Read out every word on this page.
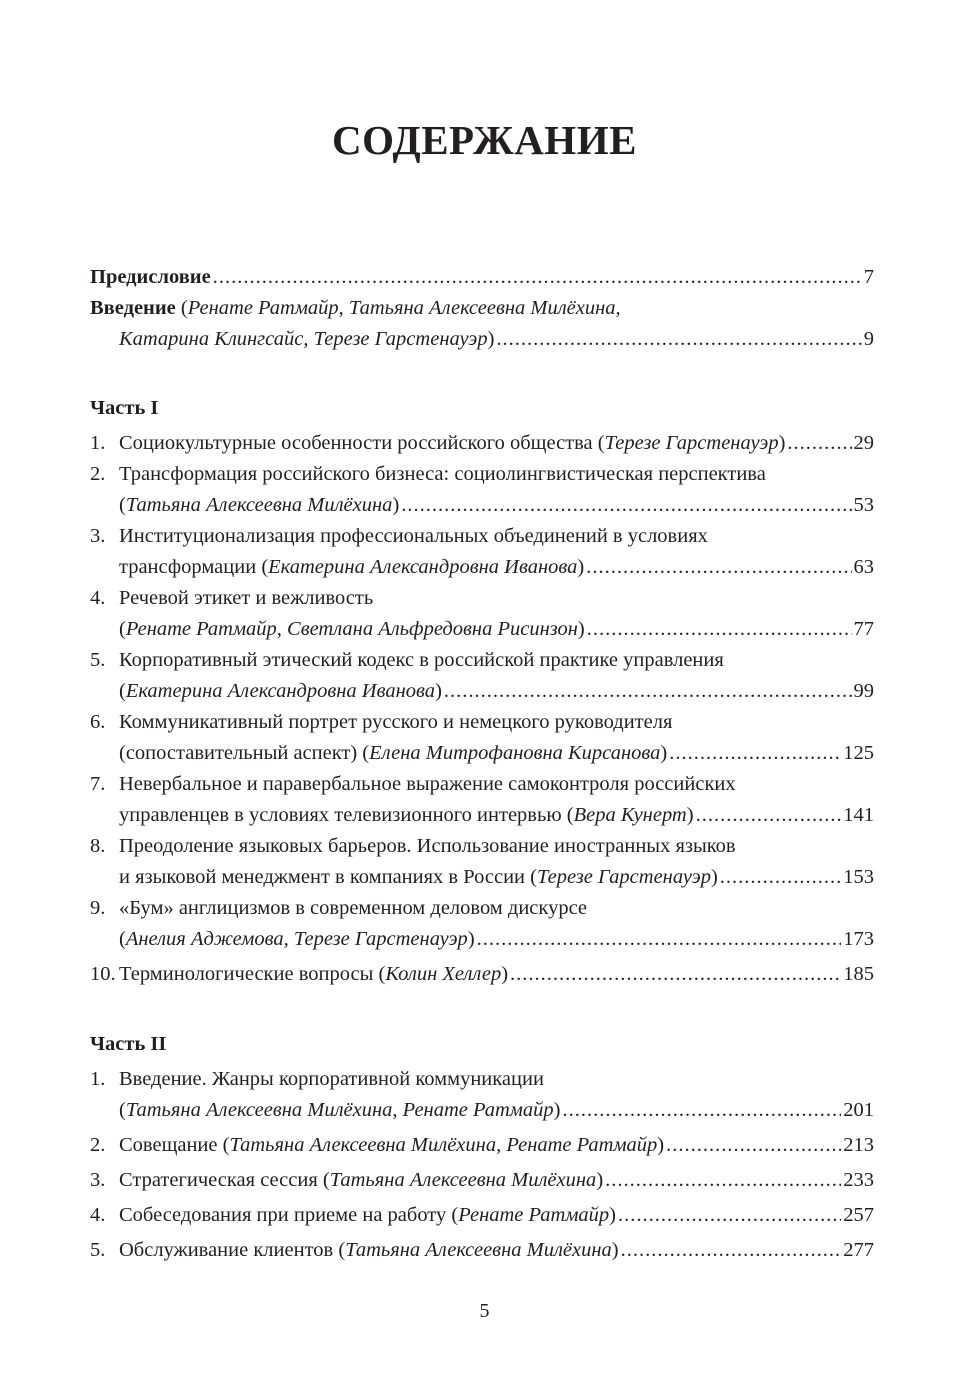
СОДЕРЖАНИЕ
Предисловие .....	7
Введение ( Ренате Ратмайр, Татьяна Алексеевна Милёхина,
Катарина Клингсайс, Терезе Гарстенауэр ) .....	9
Часть I
1. Социокультурные особенности российского общества ( Терезе Гарстенауэр ) .....	29
2. Трансформация российского бизнеса: социолингвистическая перспектива
( Татьяна Алексеевна Милёхина ) .....	53
3. Институционализация профессиональных объединений в условиях
трансформации ( Екатерина Александровна Иванова ) .....	63
4. Речевой этикет и вежливость
( Ренате Ратмайр, Светлана Альфредовна Рисинзон ) .....	77
5. Корпоративный этический кодекс в российской практике управления
( Екатерина Александровна Иванова ) .....	99
6. Коммуникативный портрет русского и немецкого руководителя
(сопоставительный аспект) ( Елена Митрофановна Кирсанова ) .....	125
7. Невербальное и паравербальное выражение самоконтроля российских
управленцев в условиях телевизионного интервью ( Вера Кунерт ) .....	141
8. Преодоление языковых барьеров. Использование иностранных языков
и языковой менеджмент в компаниях в России ( Терезе Гарстенауэр ) .....	153
9. «Бум» англицизмов в современном деловом дискурсе
( Анелия Аджемова, Терезе Гарстенауэр ) .....	173
10. Терминологические вопросы ( Колин Хеллер ) .....	185
Часть II
1. Введение. Жанры корпоративной коммуникации
( Татьяна Алексеевна Милёхина, Ренате Ратмайр ) .....	201
2. Совещание ( Татьяна Алексеевна Милёхина, Ренате Ратмайр ) .....	213
3. Стратегическая сессия ( Татьяна Алексеевна Милёхина ) .....	233
4. Собеседования при приеме на работу ( Ренате Ратмайр ) .....	257
5. Обслуживание клиентов ( Татьяна Алексеевна Милёхина ) .....	277
5
